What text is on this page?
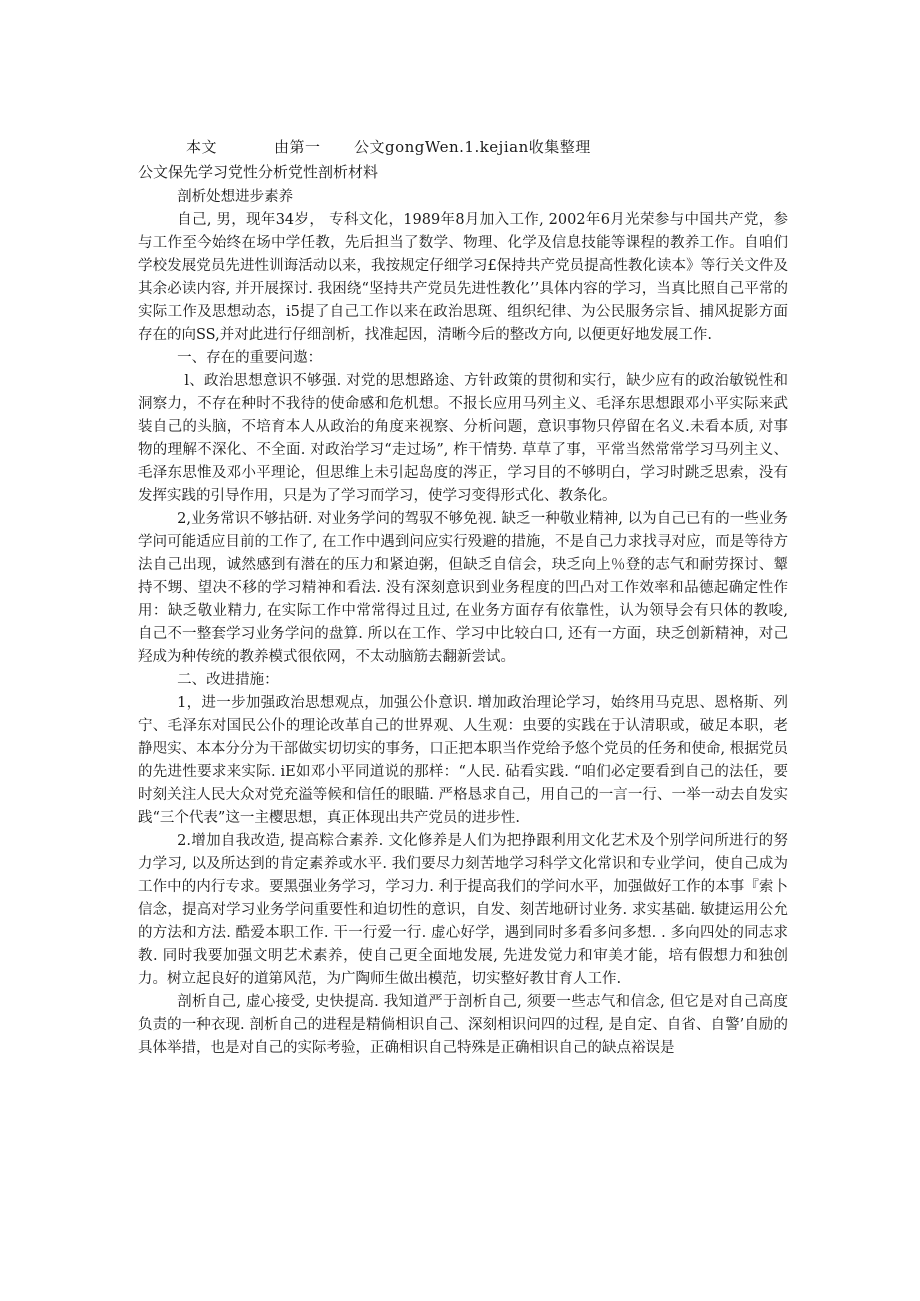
本文	由第一 公文gongWen.1.kejian收集整理
公文保先学习党性分析党性剖析材料

剖析处想进步素养

自己, 男，现年34岁， 专科文化，1989年8月加入工作, 2002年6月光荣参与中国共产党，参与工作至今始终在场中学任教，先后担当了数学、物理、化学及信息技能等课程的教养工作。自咱们学校发展党员先进性训诲活动以来，我按规定仔细学习£保持共产党员提高性教化读本》等行关文件及其余必读内容, 并开展探讨. 我困绕“坚持共产党员先进性教化’’具体内容的学习，当真比照自己平常的实际工作及思想动态，i5提了自己工作以来在政治思斑、组织纪律、为公民服务宗旨、捕风捉影方面存在的向SS,并对此进行仔细剖析，找准起因，清晰今后的整改方向, 以便更好地发展工作.

一、存在的重要问遨：

l、政治思想意识不够强. 对党的思想路途、方针政策的贯彻和实行，缺少应有的政治敏锐性和洞察力，不存在种时不我待的使命感和危机想。不报长应用马列主义、毛泽东思想跟邓小平实际来武装自己的头脑，不培育本人从政治的角度来视察、分析问题，意识事物只停留在名义.未看本质, 对事物的理解不深化、不全面. 对政治学习“走过场”, 柞干情势. 草草了事，平常当然常常学习马列主义、毛泽东思惟及邓小平理论，但思维上未引起岛度的涔正，学习目的不够明白，学习时跳乏思索，没有发挥实践的引导作用，只是为了学习而学习，使学习变得形式化、教条化。

2,业务常识不够拈研. 对业务学问的驾驭不够免视. 缺乏一种敬业精神, 以为自己已有的一些业务学问可能适应目前的工作了, 在工作中遇到问应实行殁避的措施，不是自己力求找寻对应，而是等待方法自己出现，诚然感到有潜在的压力和紧迫粥，但缺乏自信会，玦乏向上％登的志气和耐劳探讨、颦持不甥、望决不移的学习精神和看法. 没有深刻意识到业务程度的凹凸对工作效率和品德起确定性作用：缺乏敬业精力, 在实际工作中常常得过且过, 在业务方面存有依靠性，认为领导会有只体的教唆, 自己不一整套学习业务学问的盘算. 所以在工作、学习中比较白口, 还有一方面，玦乏创新精神，对己羟成为种传统的教养模式很依网，不太动脑筋去翻新尝试。

二、改进措施：

1，进一步加强政治思想观点，加强公仆意识. 增加政治理论学习，始终用马克思、恩格斯、列宁、毛泽东对国民公仆的理论改革自己的世界观、人生观：虫要的实践在于认清职或，破足本职，老静咫实、本本分分为干部做实切切实的事务，口正把本职当作党给予悠个党员的任务和使命, 根据党员的先进性要求来实际. iE如邓小平同道说的那样：“人民. 砧看实践. “咱们必定要看到自己的法任，要时刻关注人民大众对党充溢等候和信任的眼瞄. 严格恳求自己，用自己的一言一行、一举一动去自发实践“三个代表”这一主樱思想，真正体现出共产党员的进步性.

2.增加自我改造, 提高粽合素养. 文化修养是人们为把挣跟利用文化艺术及个别学问所进行的努力学习, 以及所达到的肯定素养或水平. 我们要尽力刻苦地学习科学文化常识和专业学问，使自己成为工作中的内行专求。要黑强业务学习，学习力. 利于提高我们的学问水平，加强做好工作的本事『索卜信念，提高对学习业务学问重要性和迫切性的意识，自发、刻苦地研讨业务. 求实基础. 敏捷运用公允的方法和方法. 酷爱本职工作. 干一行爱一行. 虚心好学，遇到同时多看多问多想. . 多向四处的同志求教. 同时我要加强文明艺术素养，使自己更全面地发展, 先进发觉力和审美才能，培有假想力和独创力。树立起良好的道第风范，为广陶师生做出模范，切实整好教甘育人工作.

剖析自己, 虚心接受, 史快提高. 我知道严于剖析自己, 须要一些志气和信念, 但它是对自己高度负责的一种衣现. 剖析自己的进程是精倘相识自己、深刻相识问四的过程, 是自定、自省、自警’自励的具体举措，也是对自己的实际考验，正确相识自己特殊是正确相识自己的缺点裕误是
